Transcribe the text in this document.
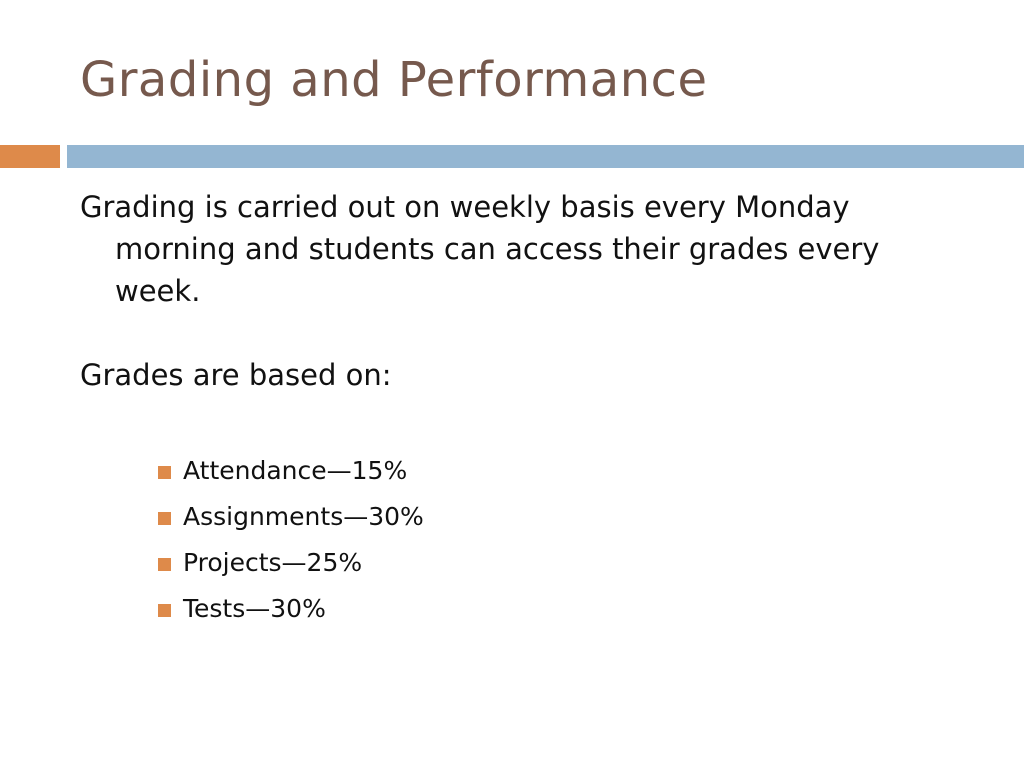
Grading and Performance

Grading is carried out on weekly basis every Monday morning and students can access their grades every week.

Grades are based on:

Attendance—15%
Assignments—30%
Projects—25%
Tests—30%
